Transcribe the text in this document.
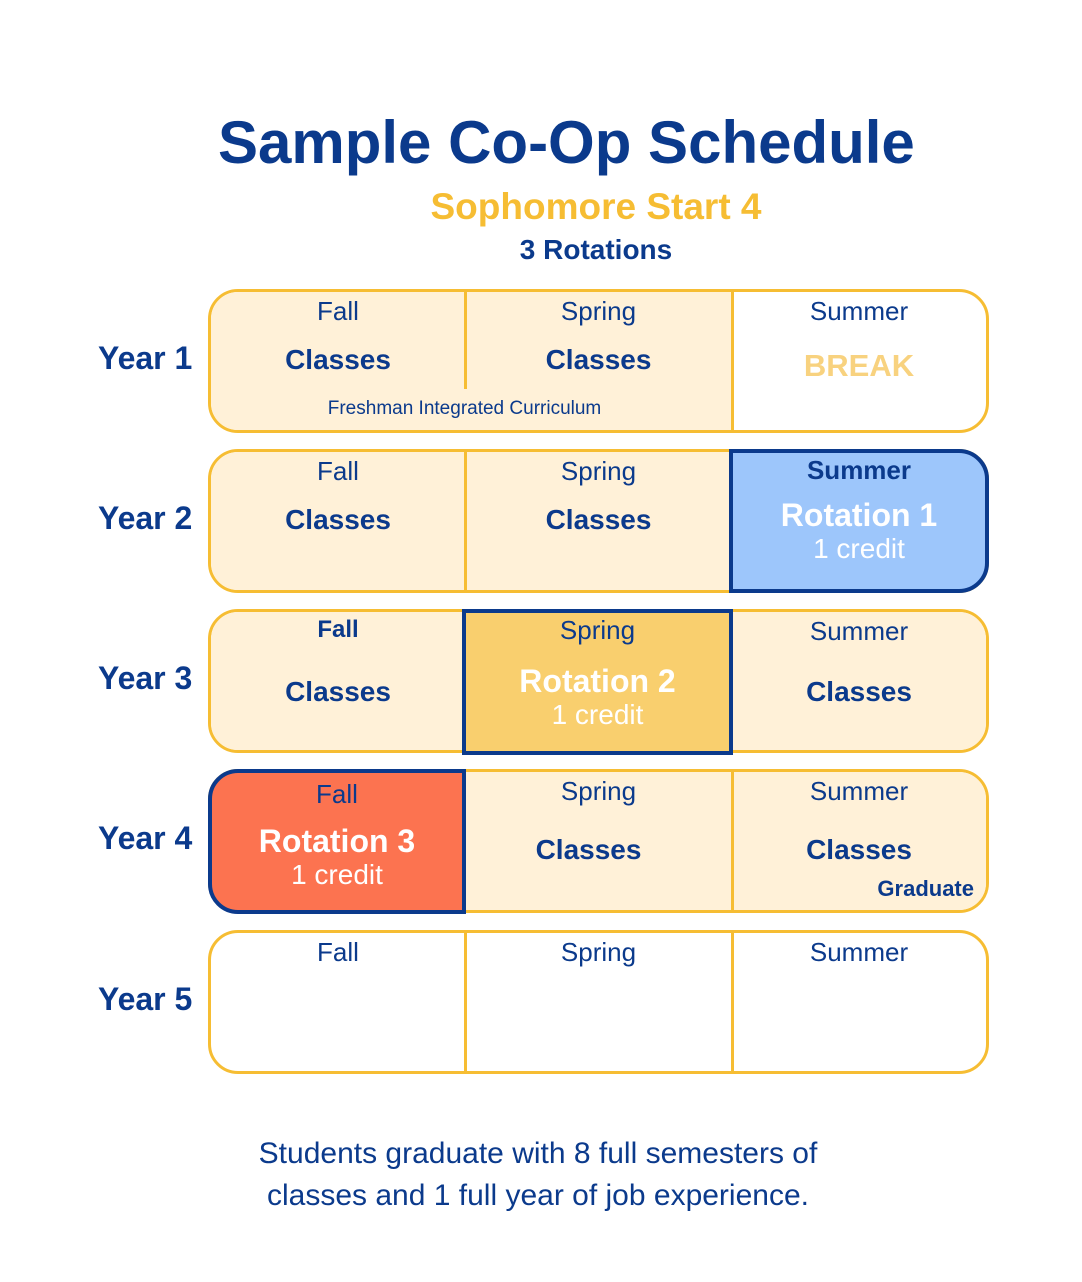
Sample Co-Op Schedule
Sophomore Start 4
3 Rotations
Year 1
Fall
Classes
Spring
Classes
Summer
BREAK
Freshman Integrated Curriculum
Year 2
Fall
Classes
Spring
Classes
Summer
Rotation 1
1 credit
Year 3
Fall
Classes
Summer
Classes
Spring
Rotation 2
1 credit
Year 4
Spring
Classes
Summer
Classes
Graduate
Fall
Rotation 3
1 credit
Year 5
Fall	Spring	Summer
Students graduate with 8 full semesters of
classes and 1 full year of job experience.
